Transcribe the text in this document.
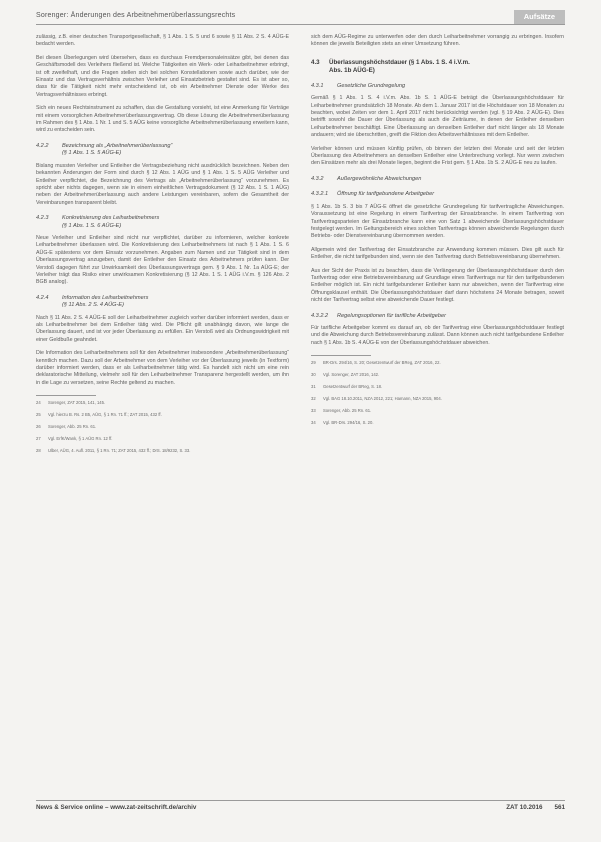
Sorenger: Änderungen des Arbeitnehmerüberlassungsrechts	Aufsätze

zulässig, z.B. einer deutschen Transportgesellschaft, § 1 Abs. 1 S. 5 und 6 sowie § 11 Abs. 2 S. 4 AÜG-E bedacht werden.

Bei diesen Überlegungen wird übersehen, dass es durchaus Fremdpersonaleinsätze gibt, bei denen das Geschäftsmodell des Verleihers fließend ist. Welche Tätigkeiten ein Werk- oder Leiharbeitnehmer erbringt, ist oft zweifelhaft, und die Fragen stellen sich bei solchen Konstellationen sowie auch darüber, wie der Einsatz und das Vertragsverhältnis zwischen Verleiher und Einsatzbetrieb gestaltet sind. Es ist aber so, dass für die Tätigkeit nicht mehr entscheidend ist, ob ein Arbeitnehmer Dienste oder Werke des Vertragsverhältnisses erbringt.

Sich ein neues Rechtsinstrument zu schaffen, das die Gestaltung vorsieht, ist eine Anmerkung für Verträge mit einem vorsorglichen Arbeitnehmerüberlassungsvertrag. Ob diese Lösung die Arbeitnehmerüberlassung im Rahmen des § 1 Abs. 1 Nr. 1 und S. 5 AÜG keine vorsorgliche Arbeitnehmerüberlassung erweitern kann, wird zu entscheiden sein.

4.2.2 Bezeichnung als „Arbeitnehmerüberlassung“
(§ 1 Abs. 1 S. 5 AÜG-E)

Bislang mussten Verleiher und Entleiher die Vertragsbeziehung nicht ausdrücklich bezeichnen. Neben den bekannten Änderungen der Form sind durch § 12 Abs. 1 AÜG und § 1 Abs. 1 S. 5 AÜG Verleiher und Entleiher verpflichtet, die Bezeichnung des Vertrags als „Arbeitnehmerüberlassung“ vorzunehmen. Es spricht aber nichts dagegen, wenn sie in einem einheitlichen Vertragsdokument (§ 12 Abs. 1 S. 1 AÜG) neben der Arbeitnehmerüberlassung auch andere Leistungen vereinbaren, sofern die Gesamtheit der Vereinbarungen transparent bleibt.

4.2.3 Konkretisierung des Leiharbeitnehmers
(§ 1 Abs. 1 S. 6 AÜG-E)

Neue Verleiher und Entleiher sind nicht nur verpflichtet, darüber zu informieren, welcher konkrete Leiharbeitnehmer überlassen wird. Die Konkretisierung des Leiharbeitnehmers ist nach § 1 Abs. 1 S. 6 AÜG-E spätestens vor dem Einsatz vorzunehmen. Angaben zum Namen und zur Tätigkeit sind in dem Überlassungsvertrag anzugeben, damit der Entleiher den Einsatz des Arbeitnehmers prüfen kann. Der Verstoß dagegen führt zur Unwirksamkeit des Überlassungsvertrags gem. § 9 Abs. 1 Nr. 1a AÜG-E; der Verleiher trägt das Risiko einer unwirksamen Konkretisierung (§ 12 Abs. 1 S. 1 AÜG i.V.m. § 126 Abs. 2 BGB analog).

4.2.4 Information des Leiharbeitnehmers
(§ 11 Abs. 2 S. 4 AÜG-E)

Nach § 11 Abs. 2 S. 4 AÜG-E soll der Leiharbeitnehmer zugleich vorher darüber informiert werden, dass er als Leiharbeitnehmer bei dem Entleiher tätig wird. Die Pflicht gilt unabhängig davon, wie lange die Überlassung dauert, und ist vor jeder Überlassung zu erfüllen. Ein Verstoß wird als Ordnungswidrigkeit mit einer Geldbuße geahndet.

Die Information des Leiharbeitnehmers soll für den Arbeitnehmer insbesondere „Arbeitnehmerüberlassung“ kenntlich machen. Dazu soll der Arbeitnehmer von dem Verleiher vor der Überlassung jeweils (in Textform) darüber informiert werden, dass er als Leiharbeitnehmer tätig wird. Es handelt sich nicht um eine rein deklaratorische Mitteilung, vielmehr soll für den Leiharbeitnehmer Transparenz hergestellt werden, um ihn in die Lage zu versetzen, seine Rechte geltend zu machen.

24 Sorenger, ZAT 2015, 141, 145.

25 Vgl. hierzu B. Rs. 2 B5, AÜG, § 1 Rn. 71 ff.; ZAT 2015, 432 ff.

26 Sorenger, Abb. 25 Rn. 61.

27 Vgl. ErfK/Wank, § 1 AÜG Rn. 12 ff.

28 Ulber, AÜG, 4. Aufl. 2011, § 1 Rn. 71; ZAT 2015, 432 ff.; DrS. 18/9232, S. 33.

sich dem AÜG-Regime zu unterwerfen oder den durch Leiharbeitnehmer vorrangig zu erbringen. Insofern können die jeweils Beteiligten stets an einer Umsetzung führen.

4.3 Überlassungshöchstdauer (§ 1 Abs. 1 S. 4 i.V.m.
Abs. 1b AÜG-E)
4.3.1 Gesetzliche Grundregelung

Gemäß § 1 Abs. 1 S. 4 i.V.m. Abs. 1b S. 1 AÜG-E beträgt die Überlassungshöchstdauer für Leiharbeitnehmer grundsätzlich 18 Monate. Ab dem 1. Januar 2017 ist die Höchstdauer von 18 Monaten zu beachten, wobei Zeiten vor dem 1. April 2017 nicht berücksichtigt werden (vgl. § 19 Abs. 2 AÜG-E). Dies betrifft sowohl die Dauer der Überlassung als auch die Zeiträume, in denen der Entleiher denselben Leiharbeitnehmer beschäftigt. Eine Überlassung an denselben Entleiher darf nicht länger als 18 Monate andauern; wird sie überschritten, greift die Fiktion des Arbeitsverhältnisses mit dem Entleiher.

Verleiher können und müssen künftig prüfen, ob binnen der letzten drei Monate und seit der letzten Überlassung des Arbeitnehmers an denselben Entleiher eine Unterbrechung vorliegt. Nur wenn zwischen den Einsätzen mehr als drei Monate liegen, beginnt die Frist gem. § 1 Abs. 1b S. 2 AÜG-E neu zu laufen.

4.3.2 Außergewöhnliche Abweichungen
4.3.2.1 Öffnung für tarifgebundene Arbeitgeber

§ 1 Abs. 1b S. 3 bis 7 AÜG-E öffnet die gesetzliche Grundregelung für tarifvertragliche Abweichungen. Voraussetzung ist eine Regelung in einem Tarifvertrag der Einsatzbranche. In einem Tarifvertrag von Tarifvertragsparteien der Einsatzbranche kann eine von Satz 1 abweichende Überlassungshöchstdauer festgelegt werden. Im Geltungsbereich eines solchen Tarifvertrags können abweichende Regelungen durch Betriebs- oder Dienstvereinbarung übernommen werden.

Allgemein wird der Tarifvertrag der Einsatzbranche zur Anwendung kommen müssen. Dies gilt auch für Entleiher, die nicht tarifgebunden sind, wenn sie den Tarifvertrag durch Betriebsvereinbarung übernehmen.

Aus der Sicht der Praxis ist zu beachten, dass die Verlängerung der Überlassungshöchstdauer durch den Tarifvertrag oder eine Betriebsvereinbarung auf Grundlage eines Tarifvertrags nur für den tarifgebundenen Entleiher möglich ist. Ein nicht tarifgebundener Entleiher kann nur abweichen, wenn der Tarifvertrag eine Öffnungsklausel enthält. Die Überlassungshöchstdauer darf dann höchstens 24 Monate betragen, soweit nicht der Tarifvertrag selbst eine abweichende Dauer festlegt.

4.3.2.2 Regelungsoptionen für tarifliche Arbeitgeber

Für tarifliche Arbeitgeber kommt es darauf an, ob der Tarifvertrag eine Überlassungshöchstdauer festlegt und die Abweichung durch Betriebsvereinbarung zulässt. Dann können auch nicht tarifgebundene Entleiher nach § 1 Abs. 1b S. 4 AÜG-E von der Überlassungshöchstdauer abweichen.

29 BR-Drs. 294/16, S. 20; Gesetzentwurf der BReg, ZAT 2016, 22.

30 Vgl. Sorenger, ZAT 2016, 142.

31 Gesetzentwurf der BReg, S. 18.

32 Vgl. BAG 18.10.2011, NZA 2012, 221; Hamann, NZA 2015, 904.

33 Sorenger, Abb. 25 Rn. 61.

34 Vgl. BR-Drs. 294/16, S. 20.

News & Service online – www.zat-zeitschrift.de/archiv	ZAT 10.2016 561
